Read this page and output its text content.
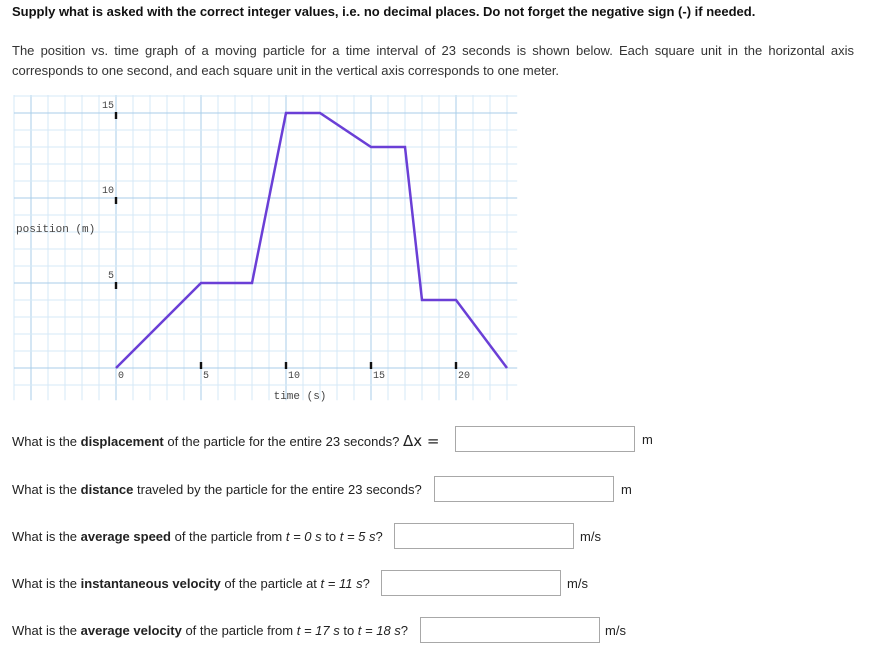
Supply what is asked with the correct integer values, i.e. no decimal places. Do not forget the negative sign (-) if needed.
The position vs. time graph of a moving particle for a time interval of 23 seconds is shown below. Each square unit in the horizontal axis corresponds to one second, and each square unit in the vertical axis corresponds to one meter.
0	5	10	15	20
5
10
15
position (m)
time (s)
What is the displacement of the particle for the entire 23 seconds? Δx =	m
What is the distance traveled by the particle for the entire 23 seconds?	m
What is the average speed of the particle from t = 0 s to t = 5 s?	m/s
What is the instantaneous velocity of the particle at t = 11 s?	m/s
What is the average velocity of the particle from t = 17 s to t = 18 s?	m/s
